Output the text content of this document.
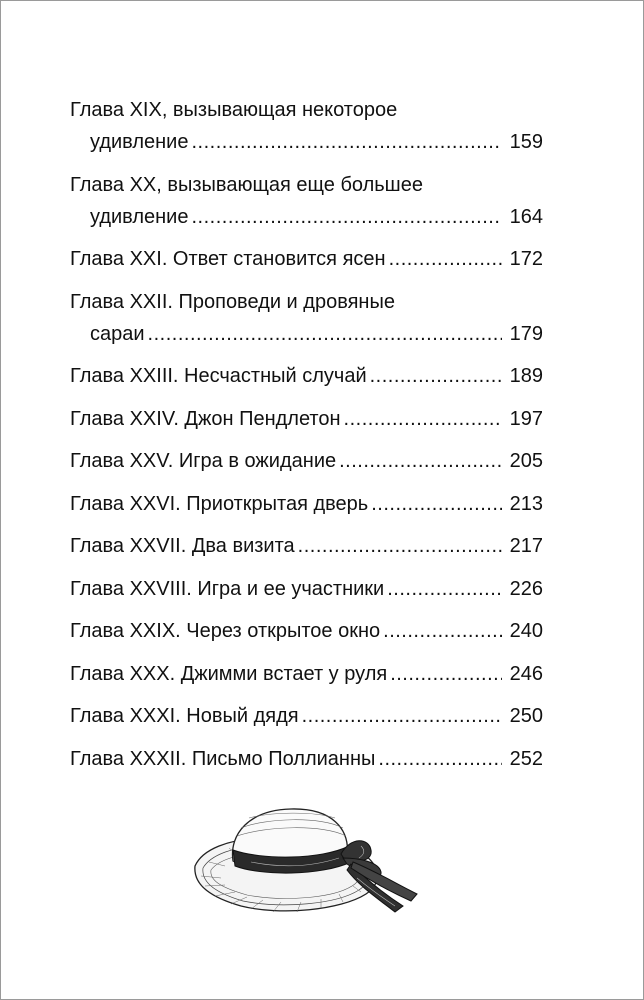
Глава XIX, вызывающая некоторое
удивление .....	159
Глава XX, вызывающая еще большее
удивление .....	164
Глава XXI. Ответ становится ясен .....	172
Глава XXII. Проповеди и дровяные
сараи .....	179
Глава XXIII. Несчастный случай .....	189
Глава XXIV. Джон Пендлетон .....	197
Глава XXV. Игра в ожидание .....	205
Глава XXVI. Приоткрытая дверь .....	213
Глава XXVII. Два визита .....	217
Глава XXVIII. Игра и ее участники .....	226
Глава XXIX. Через открытое окно .....	240
Глава XXX. Джимми встает у руля .....	246
Глава XXXI. Новый дядя .....	250
Глава XXXII. Письмо Поллианны .....	252
